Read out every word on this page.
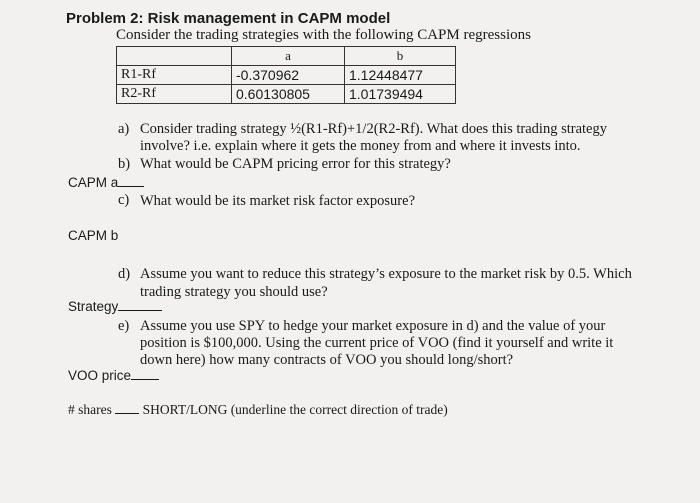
Problem 2: Risk management in CAPM model
Consider the trading strategies with the following CAPM regressions
	a	b
R1-Rf	-0.370962	1.12448477
R2-Rf	0.60130805	1.01739494
a) Consider trading strategy ½(R1-Rf)+1/2(R2-Rf). What does this trading strategy
involve? i.e. explain where it gets the money from and where it invests into.
b) What would be CAPM pricing error for this strategy?
CAPM a
c) What would be its market risk factor exposure?
CAPM b
d) Assume you want to reduce this strategy’s exposure to the market risk by 0.5. Which
trading strategy you should use?
Strategy
e) Assume you use SPY to hedge your market exposure in d) and the value of your
position is $100,000. Using the current price of VOO (find it yourself and write it
down here) how many contracts of VOO you should long/short?
VOO price
# shares SHORT/LONG (underline the correct direction of trade)
